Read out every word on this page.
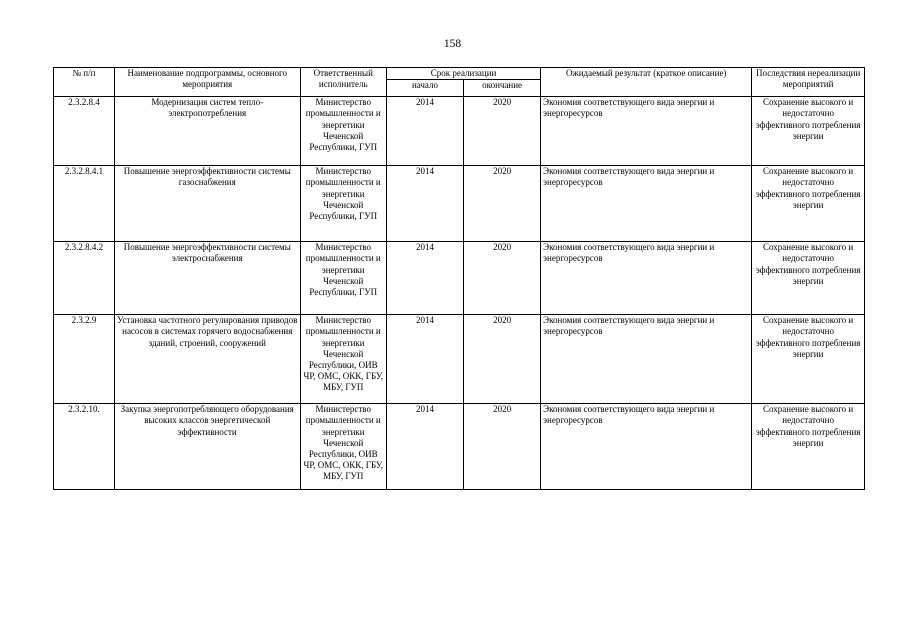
158
№ п/п	Наименование подпрограммы, основного мероприятия	Ответственный исполнитель	Срок реализации		Ожидаемый результат (краткое описание)	Последствия нереализации мероприятий
			начало	окончание		
2.3.2.8.4	Модернизация систем тепло-электропотребления	Министерство промышленности и энергетики Чеченской Республики, ГУП	2014	2020	Экономия соответствующего вида энергии и энергоресурсов	Сохранение высокого и недостаточно эффективного потребления энергии
2.3.2.8.4.1	Повышение энергоэффективности системы газоснабжения	Министерство промышленности и энергетики Чеченской Республики, ГУП	2014	2020	Экономия соответствующего вида энергии и энергоресурсов	Сохранение высокого и недостаточно эффективного потребления энергии
2.3.2.8.4.2	Повышение энергоэффективности системы электроснабжения	Министерство промышленности и энергетики Чеченской Республики, ГУП	2014	2020	Экономия соответствующего вида энергии и энергоресурсов	Сохранение высокого и недостаточно эффективного потребления энергии
2.3.2.9	Установка частотного регулирования приводов насосов в системах горячего водоснабжения зданий, строений, сооружений	Министерство промышленности и энергетики Чеченской Республики, ОИВ ЧР, ОМС, ОКК, ГБУ, МБУ, ГУП	2014	2020	Экономия соответствующего вида энергии и энергоресурсов	Сохранение высокого и недостаточно эффективного потребления энергии
2.3.2.10.	Закупка энергопотребляющего оборудования высоких классов энергетической эффективности	Министерство промышленности и энергетики Чеченской Республики, ОИВ ЧР, ОМС, ОКК, ГБУ, МБУ, ГУП	2014	2020	Экономия соответствующего вида энергии и энергоресурсов	Сохранение высокого и недостаточно эффективного потребления энергии
